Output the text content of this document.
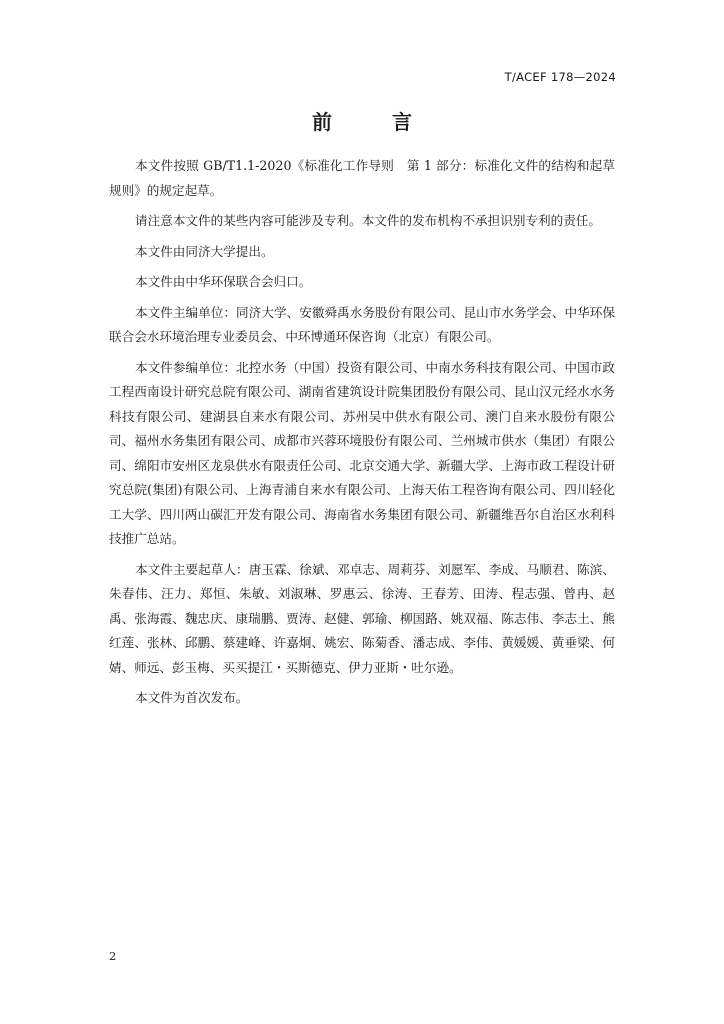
T/ACEF 178—2024
前　言

本文件按照 GB/T1.1-2020《标准化工作导则　第 1 部分：标准化文件的结构和起草规则》的规定起草。

请注意本文件的某些内容可能涉及专利。本文件的发布机构不承担识别专利的责任。

本文件由同济大学提出。

本文件由中华环保联合会归口。

本文件主编单位：同济大学、安徽舜禹水务股份有限公司、昆山市水务学会、中华环保联合会水环境治理专业委员会、中环博通环保咨询（北京）有限公司。

本文件参编单位：北控水务（中国）投资有限公司、中南水务科技有限公司、中国市政工程西南设计研究总院有限公司、湖南省建筑设计院集团股份有限公司、昆山汉元经水水务科技有限公司、建湖县自来水有限公司、苏州吴中供水有限公司、澳门自来水股份有限公司、福州水务集团有限公司、成都市兴蓉环境股份有限公司、兰州城市供水（集团）有限公司、绵阳市安州区龙泉供水有限责任公司、北京交通大学、新疆大学、上海市政工程设计研究总院(集团)有限公司、上海青浦自来水有限公司、上海天佑工程咨询有限公司、四川轻化工大学、四川两山碳汇开发有限公司、海南省水务集团有限公司、新疆维吾尔自治区水利科技推广总站。

本文件主要起草人：唐玉霖、徐斌、邓卓志、周莉芬、刘愿军、李成、马顺君、陈滨、朱春伟、汪力、郑恒、朱敏、刘淑琳、罗惠云、徐涛、王春芳、田涛、程志强、曾冉、赵禹、张海霞、魏忠庆、康瑞鹏、贾涛、赵健、郭瑜、柳国路、姚双福、陈志伟、李志土、熊红莲、张林、邱鹏、蔡建峰、许嘉炯、姚宏、陈菊香、潘志成、李伟、黄媛媛、黄垂梁、何婧、师远、彭玉梅、买买提江・买斯德克、伊力亚斯・吐尔逊。

本文件为首次发布。

2
